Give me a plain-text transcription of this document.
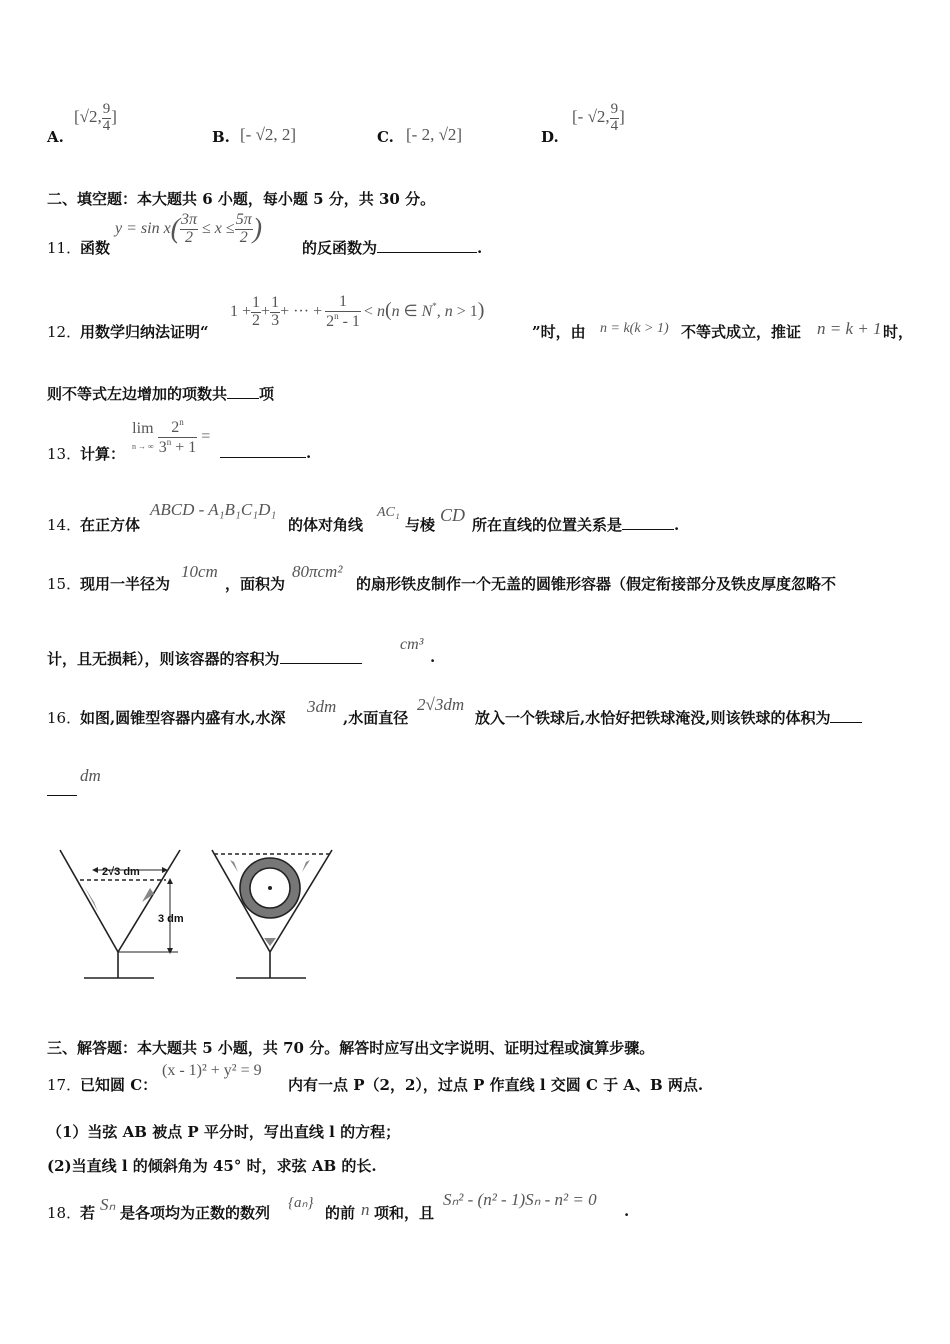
A.
[√2, $\frac{9}{4}$ ]
B. [- √2, 2]	C. [- 2, √2]	D.
[- √2, $\frac{9}{4}$ ]
二、填空题：本大题共 6 小题，每小题 5 分，共 30 分。
11．
函数
$y = \sin x( \frac{3\pi}{2} \le x \le \frac{5\pi}{2}$ )
的反函数为	.
12．
用数学归纳法证明“
$1 + \frac{1}{2} + \frac{1}{3}$ + ··· + $\frac{1}{2^n - 1} < n(n$ ∈ N*, n > 1)
”时，由 n = k(k > 1) 不等式成立，推证 n = k + 1 时，
则不等式左边增加的项数共 项
13．
计算：
lim
n → ∞ $\frac{2^n}{3^n + 1}$ =
.
14．
在正方体
ABCD - A₁B₁C₁D₁
的体对角线
AC₁
与棱 CD 所在直线的位置关系是	.
15．
现用一半径为
10cm
，面积为
80πcm²
的扇形铁皮制作一个无盖的圆锥形容器（假定衔接部分及铁皮厚度忽略不
计，且无损耗），则该容器的容积为
cm³
.
16．
如图,圆锥型容器内盛有水,水深
3dm
,水面直径
2√3dm
放入一个铁球后,水恰好把铁球淹没,则该铁球的体积为
dm
2√3 dm
3 dm
三、解答题：本大题共 5 小题，共 70 分。解答时应写出文字说明、证明过程或演算步骤。
17．
已知圆 C：
(x - 1)² + y² = 9
内有一点 P（2，2），过点 P 作直线 l 交圆 C 于 A、B 两点.
（1）当弦 AB 被点 P 平分时，写出直线 l 的方程；
(2)当直线 l 的倾斜角为 45° 时，求弦 AB 的长.
18．
若 Sₙ 是各项均为正数的数列
{aₙ}
的前 n 项和，且
Sₙ² - (n² - 1)Sₙ - n² = 0
.
